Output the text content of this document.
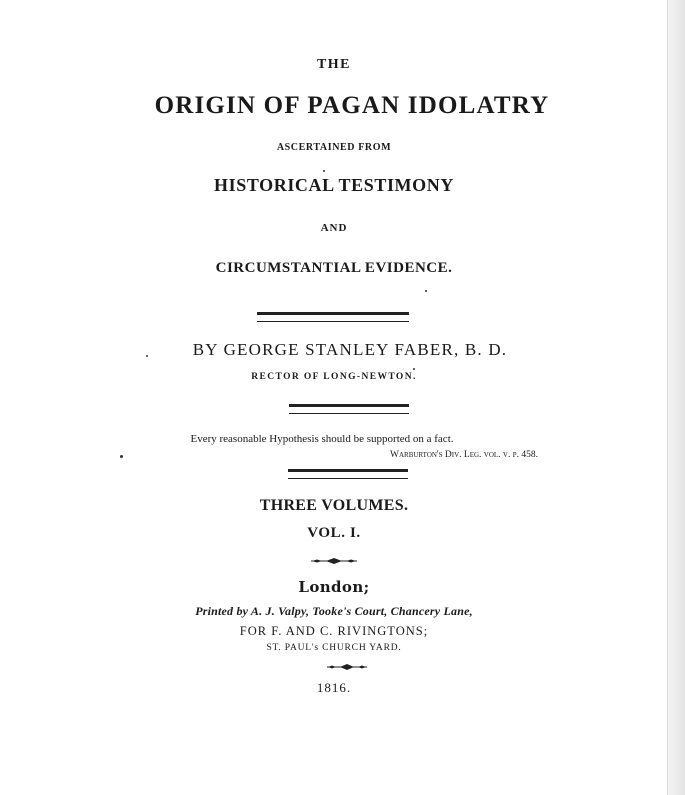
THE
ORIGIN OF PAGAN IDOLATRY
ASCERTAINED FROM
HISTORICAL TESTIMONY
AND
CIRCUMSTANTIAL EVIDENCE.
BY GEORGE STANLEY FABER, B. D.
RECTOR OF LONG-NEWTON.
Every reasonable Hypothesis should be supported on a fact.
Warburton's Div. Leg. vol. v. p. 458.
THREE VOLUMES.
VOL. I.
London;
Printed by A. J. Valpy, Tooke's Court, Chancery Lane,
FOR F. AND C. RIVINGTONS;
ST. PAUL's CHURCH YARD.
1816.
